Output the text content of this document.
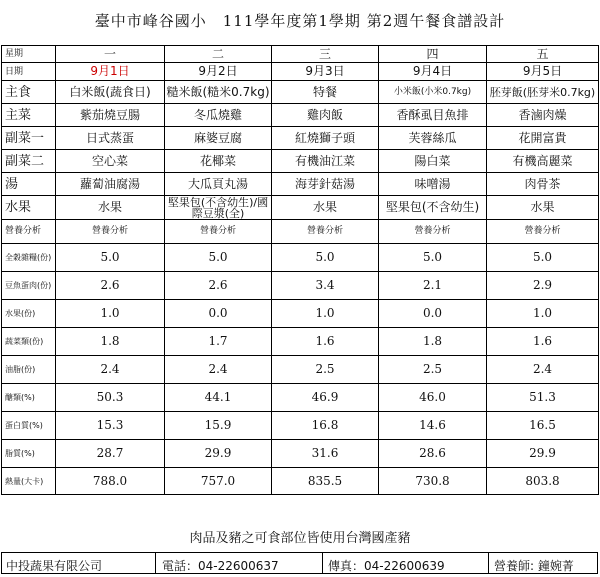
臺中市峰谷國小　111學年度第1學期 第2週午餐食譜設計
星期	一	二	三	四	五
日期	9月1日	9月2日	9月3日	9月4日	9月5日
主食	白米飯(蔬食日)	糙米飯(糙米0.7kg)	特餐	小米飯(小米0.7kg)	胚芽飯(胚芽米0.7kg)
主菜	紫茄燒豆腸	冬瓜燒雞	雞肉飯	香酥虱目魚排	香滷肉燥
副菜一	日式蒸蛋	麻婆豆腐	紅燒獅子頭	芙蓉絲瓜	花開富貴
副菜二	空心菜	花椰菜	有機油江菜	陽白菜	有機高麗菜
湯	蘿蔔油腐湯	大瓜頁丸湯	海芽針菇湯	味噌湯	肉骨茶
水果	水果	堅果包(不含幼生)/國際豆漿(全)	水果	堅果包(不含幼生)	水果
營養分析	營養分析	營養分析	營養分析	營養分析	營養分析
全穀雜糧(份)	5.0	5.0	5.0	5.0	5.0
豆魚蛋肉(份)	2.6	2.6	3.4	2.1	2.9
水果(份)	1.0	0.0	1.0	0.0	1.0
蔬菜類(份)	1.8	1.7	1.6	1.8	1.6
油脂(份)	2.4	2.4	2.5	2.5	2.4
醣類(%)	50.3	44.1	46.9	46.0	51.3
蛋白質(%)	15.3	15.9	16.8	14.6	16.5
脂質(%)	28.7	29.9	31.6	28.6	29.9
熱量(大卡)	788.0	757.0	835.5	730.8	803.8
肉品及豬之可食部位皆使用台灣國產豬
中投蔬果有限公司	電話：04-22600637	傳真：04-22600639	營養師: 鐘婉菁
